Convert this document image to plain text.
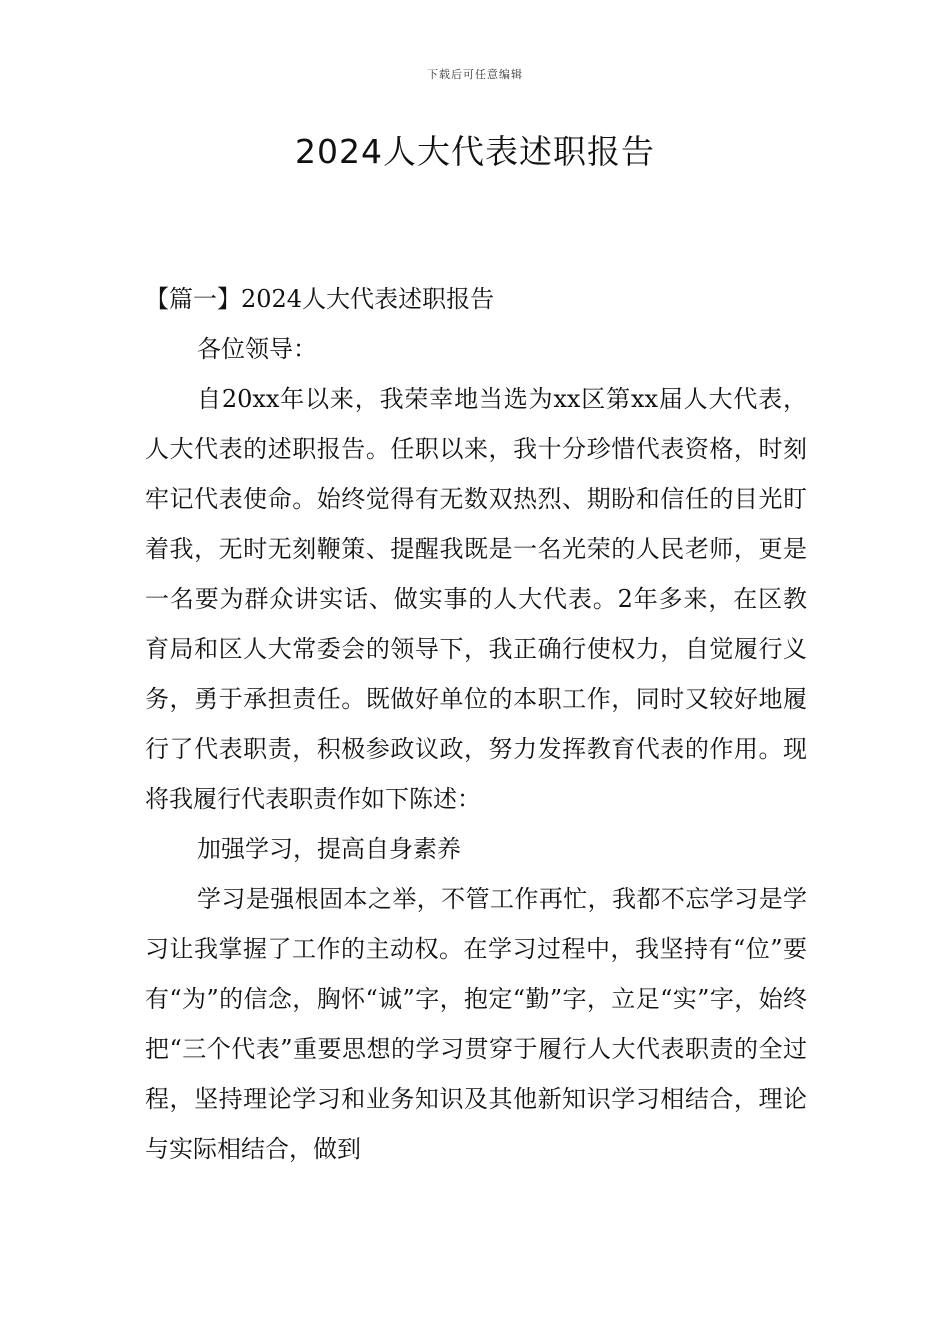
下载后可任意编辑
2024人大代表述职报告

【篇一】2024人大代表述职报告

各位领导：

自20xx年以来，我荣幸地当选为xx区第xx届人大代表，人大代表的述职报告。任职以来，我十分珍惜代表资格，时刻牢记代表使命。始终觉得有无数双热烈、期盼和信任的目光盯着我，无时无刻鞭策、提醒我既是一名光荣的人民老师，更是一名要为群众讲实话、做实事的人大代表。2年多来，在区教育局和区人大常委会的领导下，我正确行使权力，自觉履行义务，勇于承担责任。既做好单位的本职工作，同时又较好地履行了代表职责，积极参政议政，努力发挥教育代表的作用。现将我履行代表职责作如下陈述：

加强学习，提高自身素养

学习是强根固本之举，不管工作再忙，我都不忘学习是学习让我掌握了工作的主动权。在学习过程中，我坚持有“位”要有“为”的信念，胸怀“诚”字，抱定“勤”字，立足“实”字，始终把“三个代表”重要思想的学习贯穿于履行人大代表职责的全过程，坚持理论学习和业务知识及其他新知识学习相结合，理论与实际相结合，做到
